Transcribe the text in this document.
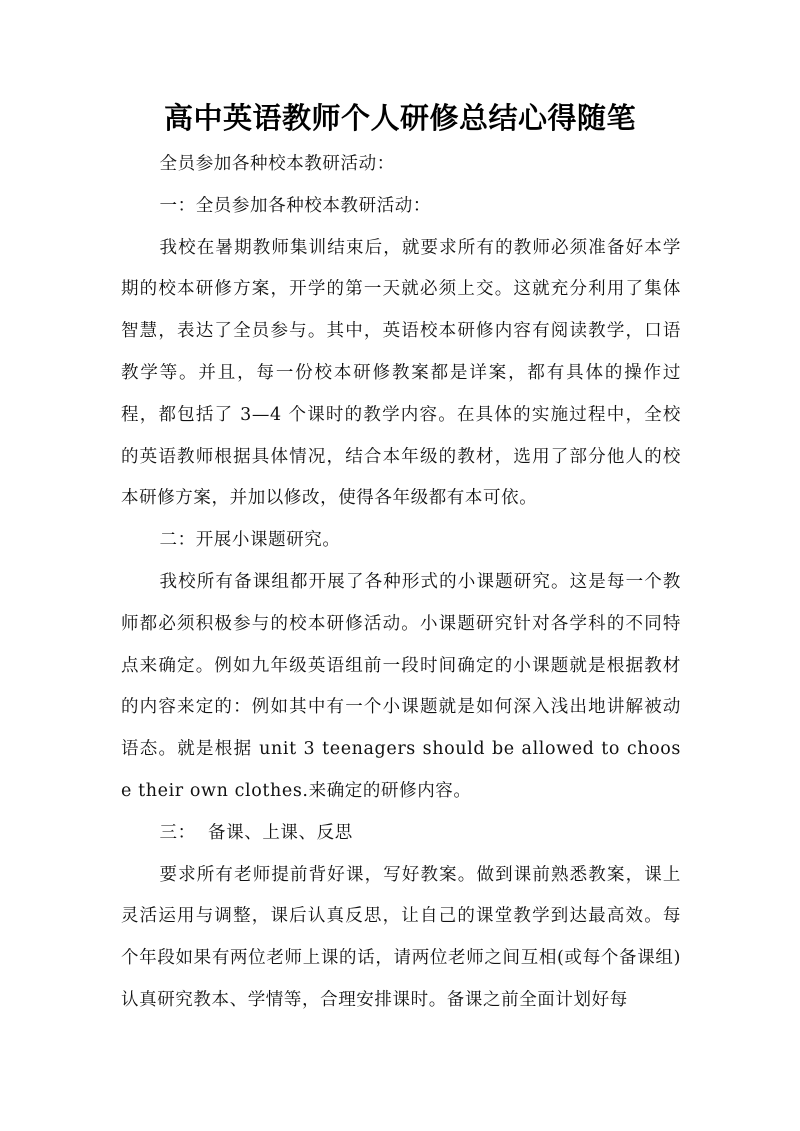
高中英语教师个人研修总结心得随笔

全员参加各种校本教研活动：

一：全员参加各种校本教研活动：

我校在暑期教师集训结束后，就要求所有的教师必须准备好本学期的校本研修方案，开学的第一天就必须上交。这就充分利用了集体智慧，表达了全员参与。其中，英语校本研修内容有阅读教学，口语教学等。并且，每一份校本研修教案都是详案，都有具体的操作过程，都包括了 3—4 个课时的教学内容。在具体的实施过程中，全校的英语教师根据具体情况，结合本年级的教材，选用了部分他人的校本研修方案，并加以修改，使得各年级都有本可依。

二：开展小课题研究。

我校所有备课组都开展了各种形式的小课题研究。这是每一个教师都必须积极参与的校本研修活动。小课题研究针对各学科的不同特点来确定。例如九年级英语组前一段时间确定的小课题就是根据教材的内容来定的：例如其中有一个小课题就是如何深入浅出地讲解被动语态。就是根据 unit 3 teenagers should be allowed to choose their own clothes.来确定的研修内容。

三：  备课、上课、反思

要求所有老师提前背好课，写好教案。做到课前熟悉教案，课上灵活运用与调整，课后认真反思，让自己的课堂教学到达最高效。每个年段如果有两位老师上课的话，请两位老师之间互相(或每个备课组)认真研究教本、学情等，合理安排课时。备课之前全面计划好每
